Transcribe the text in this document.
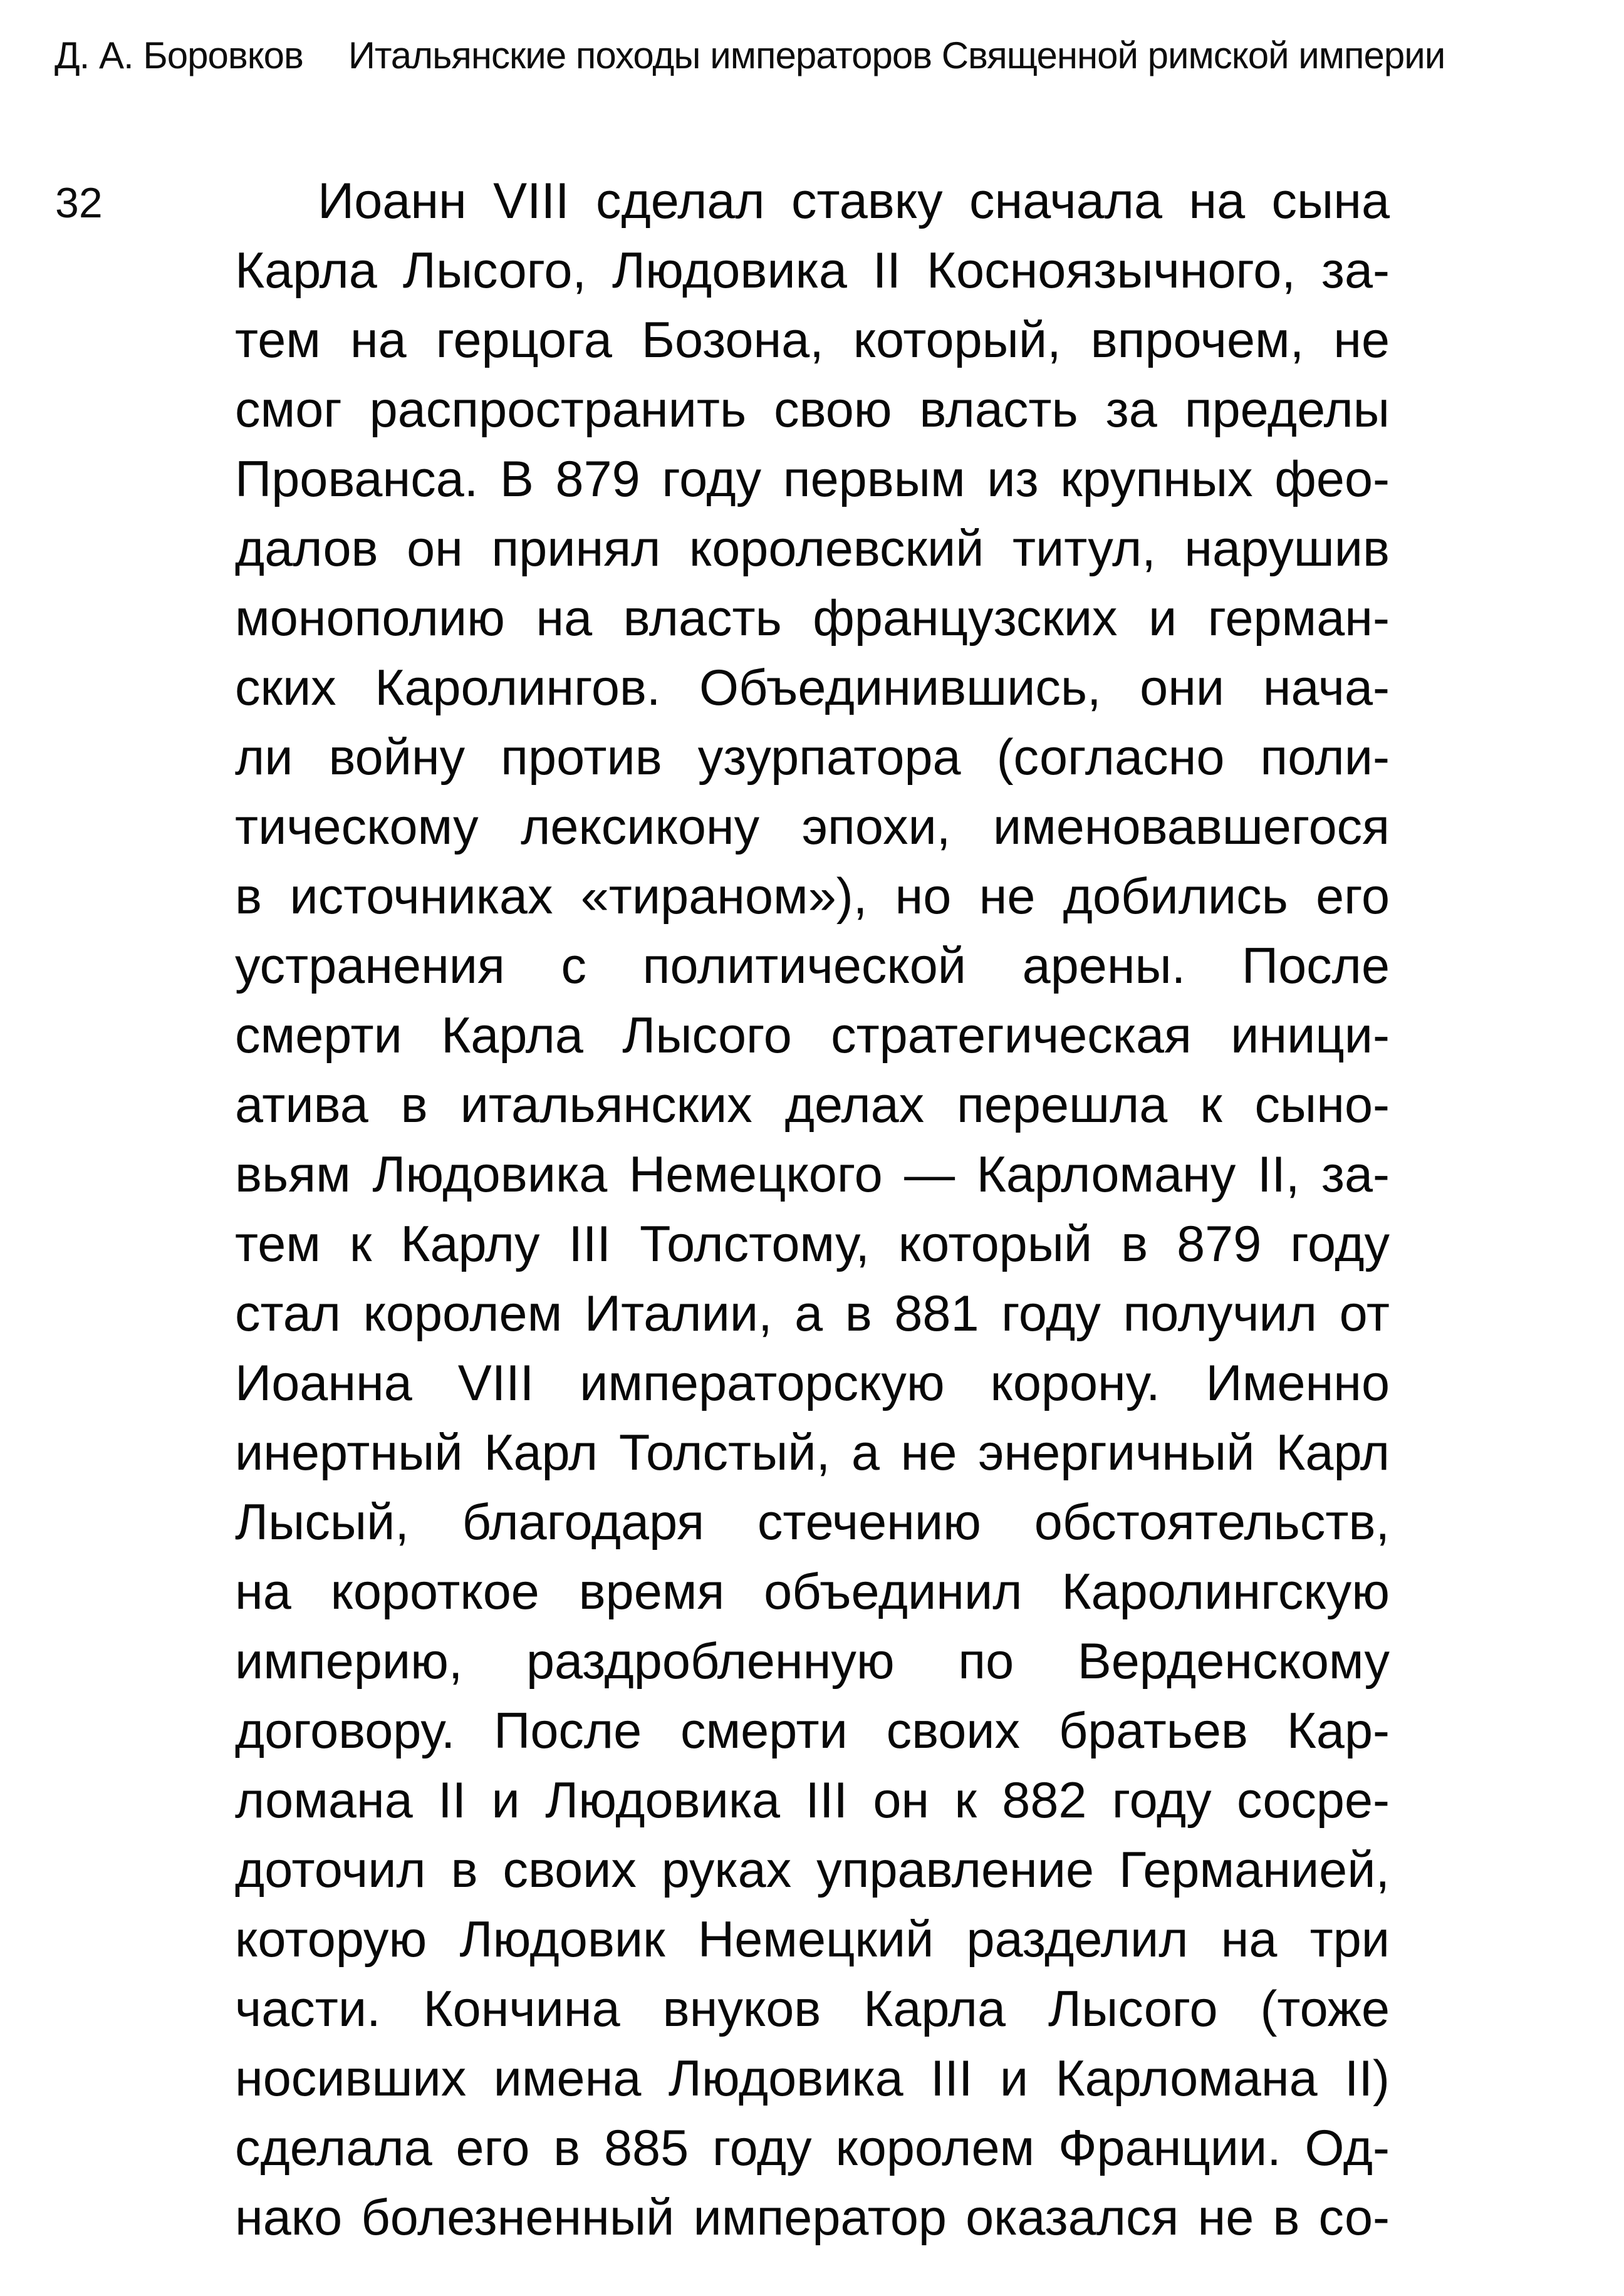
Д. А. Боровков Итальянские походы императоров Священной римской империи
32	Иоанн VIII сделал ставку сначала на сына
Карла Лысого, Людовика II Косноязычного, за-
тем на герцога Бозона, который, впрочем, не
смог распространить свою власть за пределы
Прованса. В 879 году первым из крупных фео-
далов он принял королевский титул, нарушив
монополию на власть французских и герман-
ских Каролингов. Объединившись, они нача-
ли войну против узурпатора (согласно поли-
тическому лексикону эпохи, именовавшегося
в источниках «тираном»), но не добились его
устранения с политической арены. После
смерти Карла Лысого стратегическая иници-
атива в итальянских делах перешла к сыно-
вьям Людовика Немецкого — Карломану II, за-
тем к Карлу III Толстому, который в 879 году
стал королем Италии, а в 881 году получил от
Иоанна VIII императорскую корону. Именно
инертный Карл Толстый, а не энергичный Карл
Лысый, благодаря стечению обстоятельств,
на короткое время объединил Каролингскую
империю, раздробленную по Верденскому
договору. После смерти своих братьев Кар-
ломана II и Людовика III он к 882 году сосре-
доточил в своих руках управление Германией,
которую Людовик Немецкий разделил на три
части. Кончина внуков Карла Лысого (тоже
носивших имена Людовика III и Карломана II)
сделала его в 885 году королем Франции. Од-
нако болезненный император оказался не в со-
